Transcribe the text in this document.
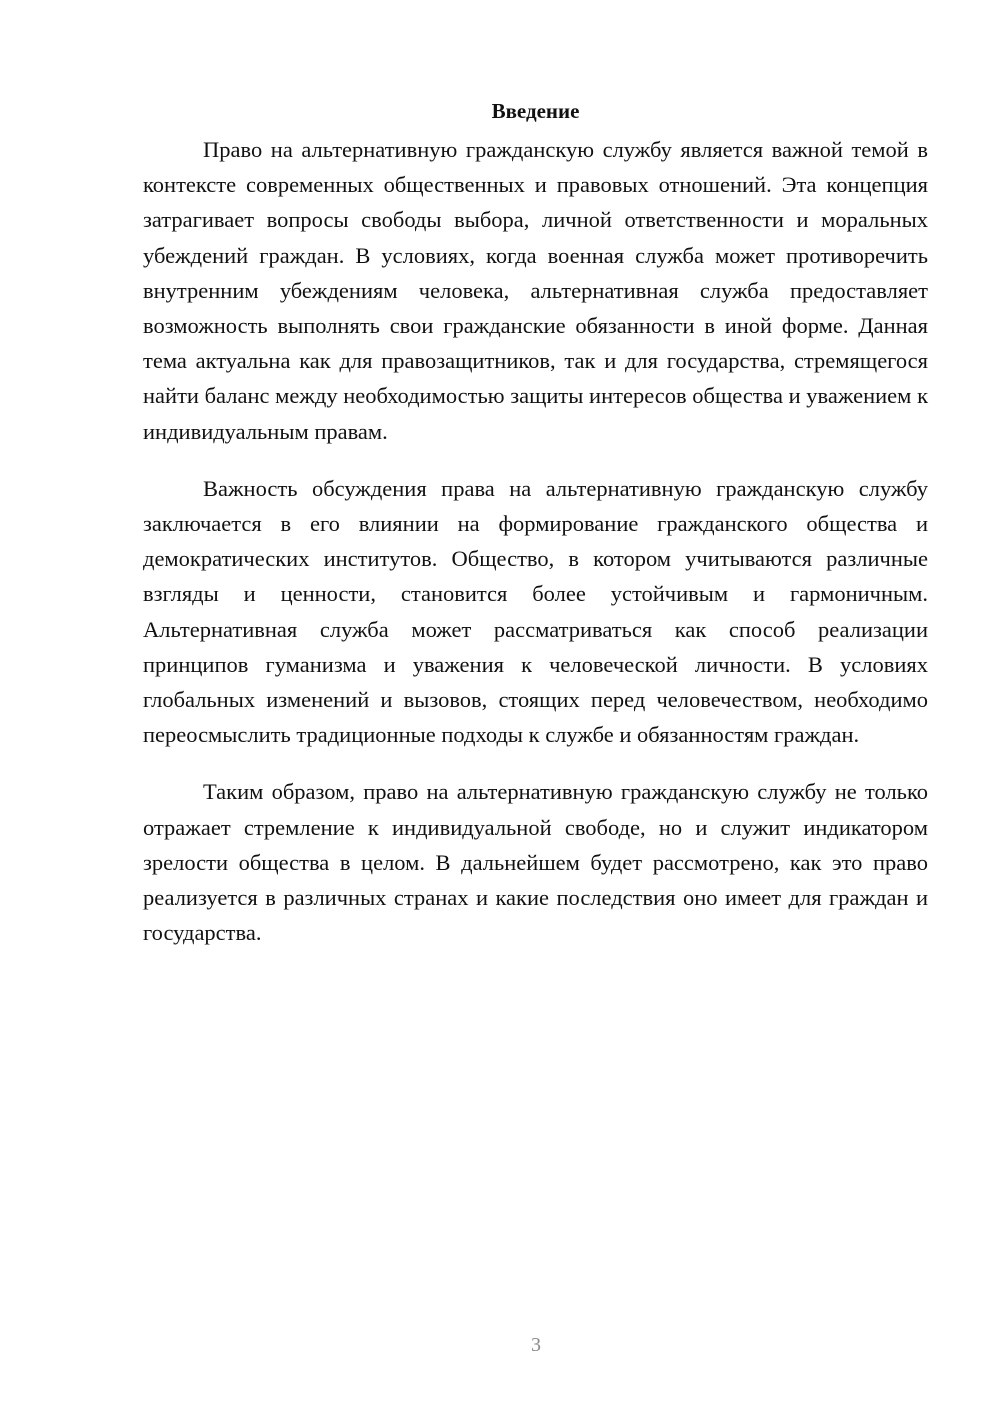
Введение

Право на альтернативную гражданскую службу является важной темой в контексте современных общественных и правовых отношений. Эта концепция затрагивает вопросы свободы выбора, личной ответственности и моральных убеждений граждан. В условиях, когда военная служба может противоречить внутренним убеждениям человека, альтернативная служба предоставляет возможность выполнять свои гражданские обязанности в иной форме. Данная тема актуальна как для правозащитников, так и для государства, стремящегося найти баланс между необходимостью защиты интересов общества и уважением к индивидуальным правам.

Важность обсуждения права на альтернативную гражданскую службу заключается в его влиянии на формирование гражданского общества и демократических институтов. Общество, в котором учитываются различные взгляды и ценности, становится более устойчивым и гармоничным. Альтернативная служба может рассматриваться как способ реализации принципов гуманизма и уважения к человеческой личности. В условиях глобальных изменений и вызовов, стоящих перед человечеством, необходимо переосмыслить традиционные подходы к службе и обязанностям граждан.

Таким образом, право на альтернативную гражданскую службу не только отражает стремление к индивидуальной свободе, но и служит индикатором зрелости общества в целом. В дальнейшем будет рассмотрено, как это право реализуется в различных странах и какие последствия оно имеет для граждан и государства.

3
